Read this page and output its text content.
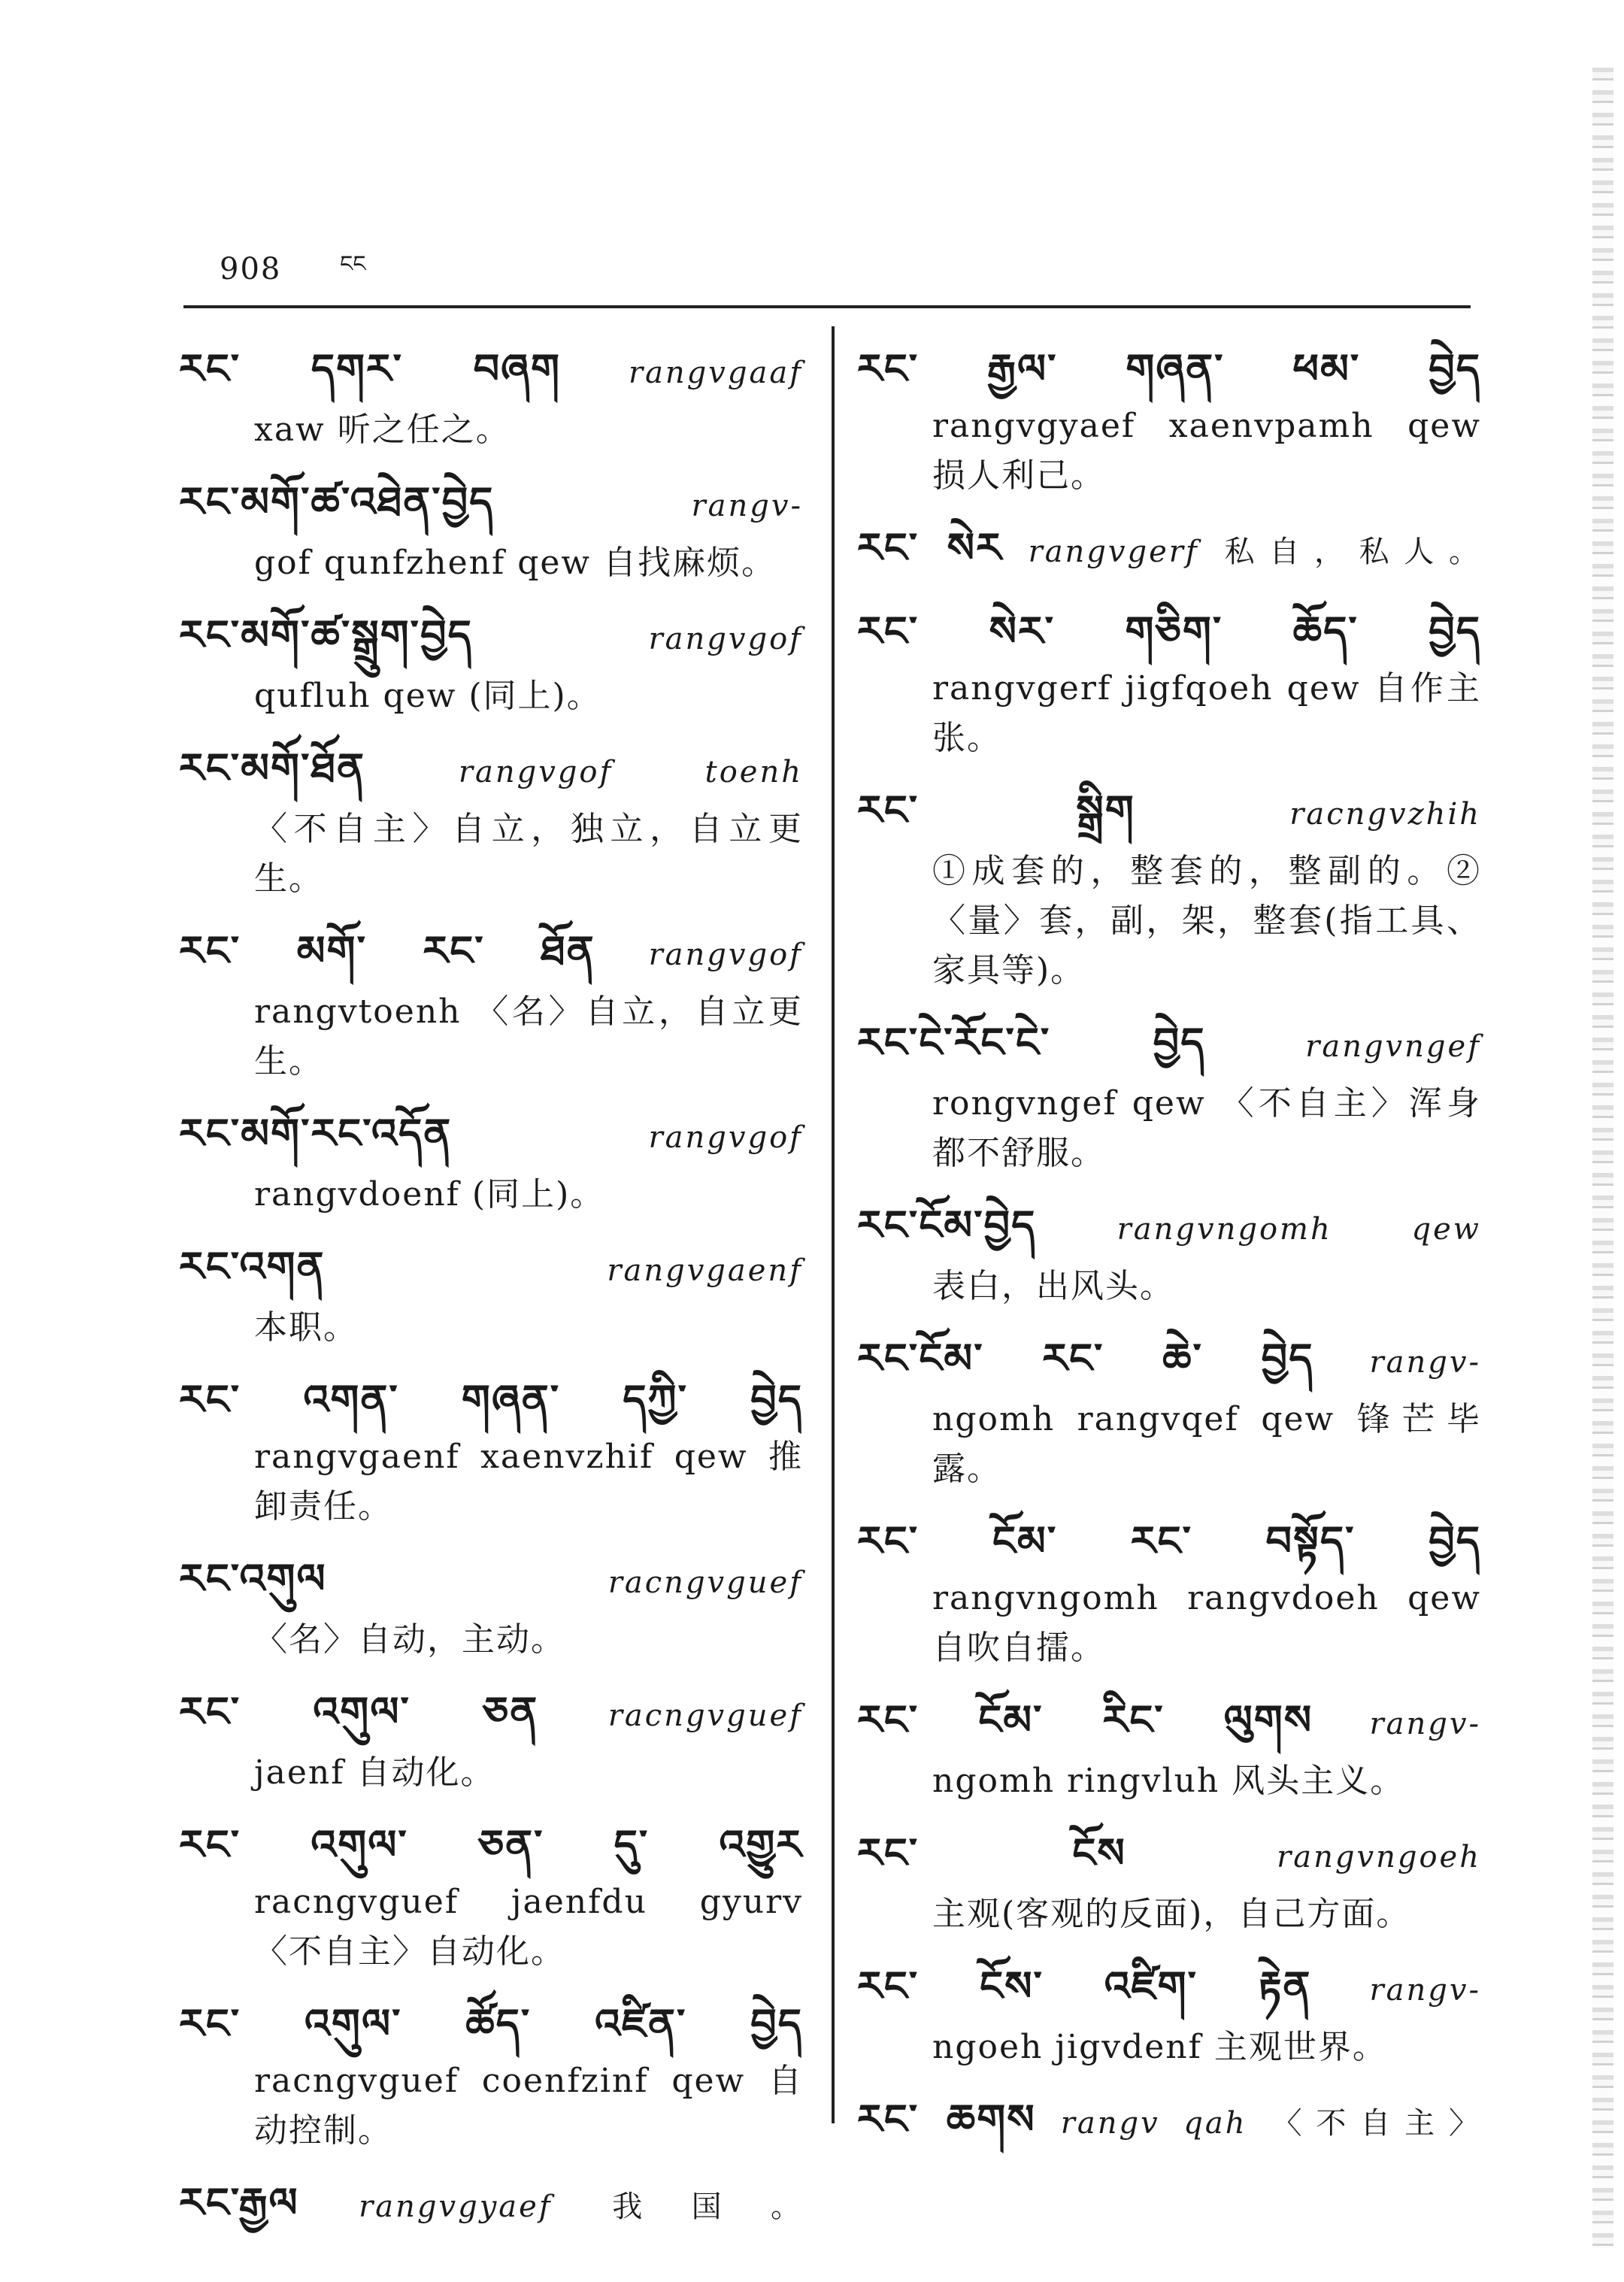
908	ངང
རང་ དགར་ བཞག rangvgaaf
xaw 听之任之。
རང་མགོ་ཚ་འཐེན་བྱེད	rangv-
gof qunfzhenf qew 自找麻烦。
རང་མགོ་ཚ་སྒྲུག་བྱེད	rangvgof
qufluh qew (同上)。
རང་མགོ་ཐོན	rangvgof toenh
〈不自主〉自立，独立，自立更生。
རང་ མགོ་ རང་ ཐོན rangvgof
rangvtoenh 〈名〉自立，自立更生。
རང་མགོ་རང་འདོན	rangvgof
rangvdoenf (同上)。
རང་འགན	rangvgaenf
本职。
རང་ འགན་ གཞན་ དཀྱི་ བྱེད
rangvgaenf xaenvzhif qew 推卸责任。
རང་འགུལ	racngvguef
〈名〉自动，主动。
རང་ འགུལ་ ཅན racngvguef
jaenf 自动化。
རང་ འགུལ་ ཅན་ དུ་ འགྱུར
racngvguef jaenfdu gyurv 〈不自主〉自动化。
རང་ འགུལ་ ཚོད་ འཛིན་ བྱེད
racngvguef coenfzinf qew 自动控制。
རང་རྒྱལ rangvgyaef 我国。
རང་ རྒྱལ་ གཞན་ ཕམ་ བྱེད
rangvgyaef xaenvpamh qew 损人利己。
རང་ སེར rangvgerf 私自，私人。
རང་ སེར་ གཅིག་ ཆོད་ བྱེད
rangvgerf jigfqoeh qew 自作主张。
རང་ སྒྲིག	racngvzhih
①成套的，整套的，整副的。②〈量〉套，副，架，整套(指工具、家具等)。
རང་ངེ་རོང་ངེ་ བྱེད	rangvngef
rongvngef qew 〈不自主〉浑身都不舒服。
རང་ངོམ་བྱེད	rangvngomh qew
表白，出风头。
རང་ངོམ་ རང་ ཆེ་ བྱེད rangv-
ngomh rangvqef qew 锋芒毕露。
རང་ ངོམ་ རང་ བསྟོད་ བྱེད
rangvngomh rangvdoeh qew 自吹自擂。
རང་ ངོམ་ རིང་ ལུགས rangv-
ngomh ringvluh 风头主义。
རང་ ངོས	rangvngoeh
主观(客观的反面)，自己方面。
རང་ ངོས་ འཛིག་ རྟེན rangv-
ngoeh jigvdenf 主观世界。
རང་ ཆགས rangv qah 〈不自主〉
